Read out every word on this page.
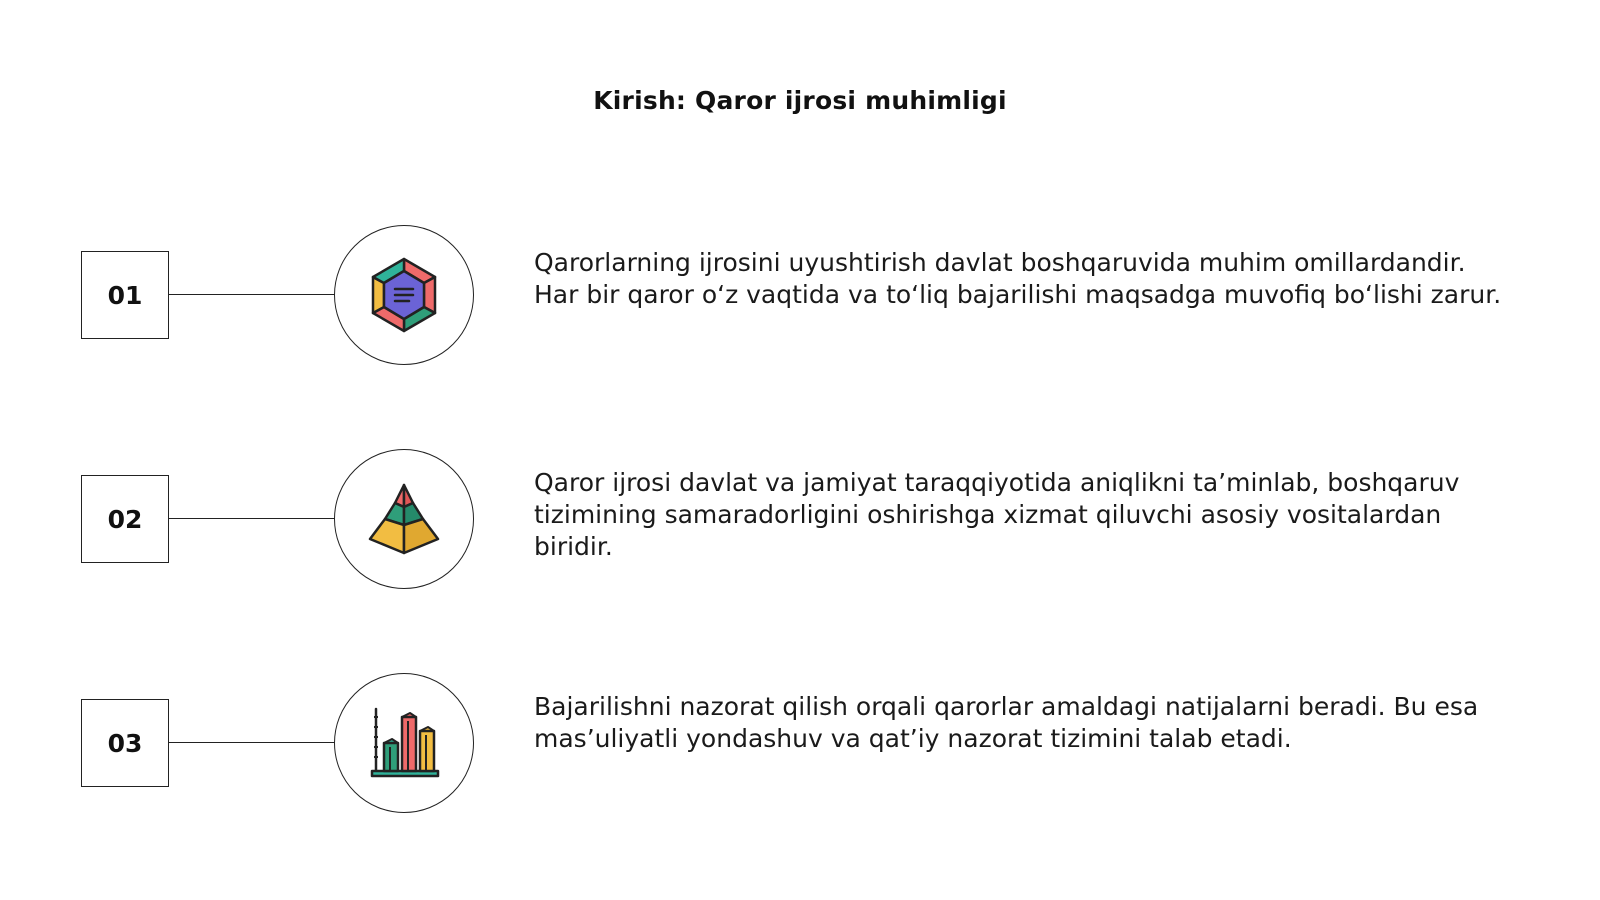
Kirish: Qaror ijrosi muhimligi
01
Qarorlarning ijrosini uyushtirish davlat boshqaruvida muhim omillardandir. Har bir qaror o‘z vaqtida va to‘liq bajarilishi maqsadga muvofiq bo‘lishi zarur.
02
Qaror ijrosi davlat va jamiyat taraqqiyotida aniqlikni ta’minlab, boshqaruv tizimining samaradorligini oshirishga xizmat qiluvchi asosiy vositalardan biridir.
03
Bajarilishni nazorat qilish orqali qarorlar amaldagi natijalarni beradi. Bu esa mas’uliyatli yondashuv va qat’iy nazorat tizimini talab etadi.
